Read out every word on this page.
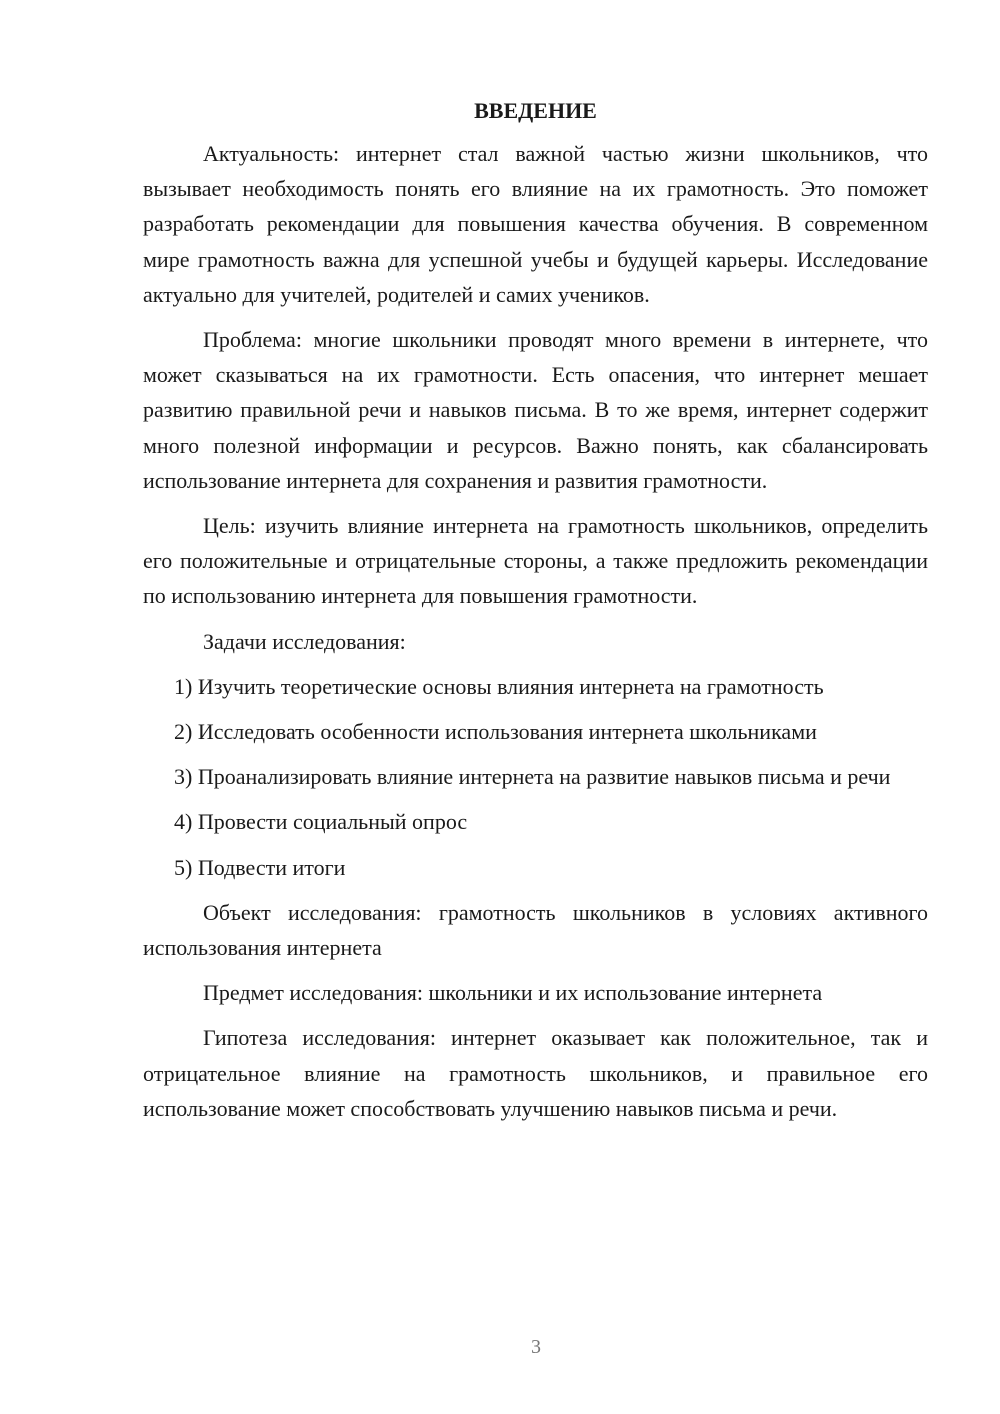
ВВЕДЕНИЕ

Актуальность: интернет стал важной частью жизни школьников, что вызывает необходимость понять его влияние на их грамотность. Это поможет разработать рекомендации для повышения качества обучения. В современном мире грамотность важна для успешной учебы и будущей карьеры. Исследование актуально для учителей, родителей и самих учеников.

Проблема: многие школьники проводят много времени в интернете, что может сказываться на их грамотности. Есть опасения, что интернет мешает развитию правильной речи и навыков письма. В то же время, интернет содержит много полезной информации и ресурсов. Важно понять, как сбалансировать использование интернета для сохранения и развития грамотности.

Цель: изучить влияние интернета на грамотность школьников, определить его положительные и отрицательные стороны, а также предложить рекомендации по использованию интернета для повышения грамотности.

Задачи исследования:

1) Изучить теоретические основы влияния интернета на грамотность

2) Исследовать особенности использования интернета школьниками

3) Проанализировать влияние интернета на развитие навыков письма и речи

4) Провести социальный опрос

5) Подвести итоги

Объект исследования: грамотность школьников в условиях активного использования интернета

Предмет исследования: школьники и их использование интернета

Гипотеза исследования: интернет оказывает как положительное, так и отрицательное влияние на грамотность школьников, и правильное его использование может способствовать улучшению навыков письма и речи.

3
